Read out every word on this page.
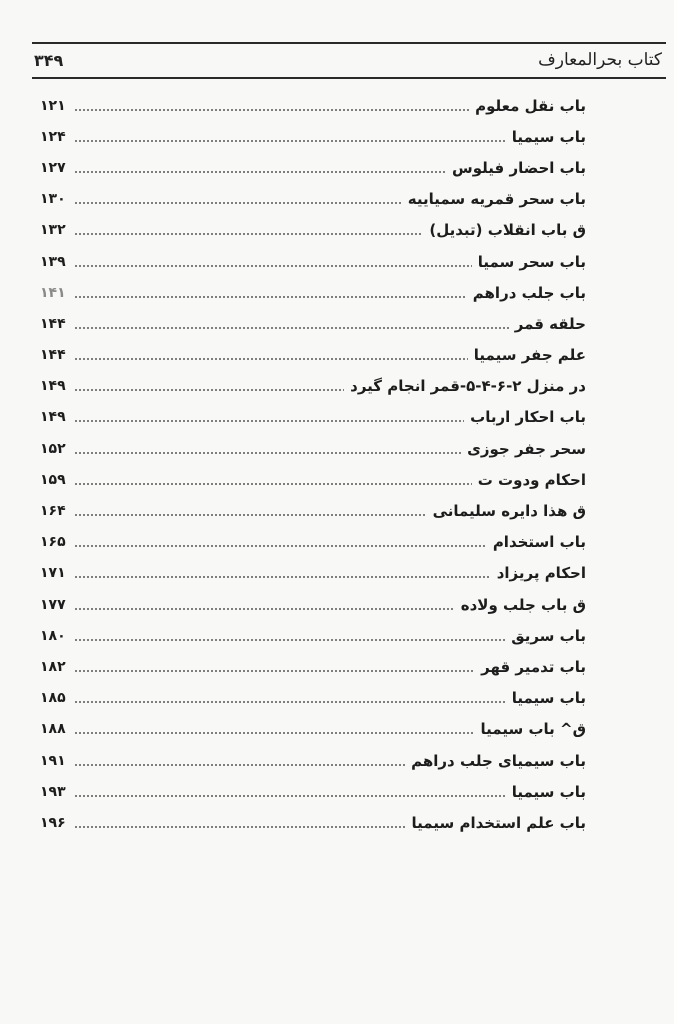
کتاب بحرالمعارف
۳۴۹
باب نقل معلوم
۱۲۱
باب سیمیا
۱۲۴
باب احضار فیلوس
۱۲۷
باب سحر قمریه سمیاییه
۱۳۰
ق باب انقلاب (تبدیل)
۱۳۲
باب سحر سمیا
۱۳۹
باب جلب دراهم
۱۴۱
حلقه قمر
۱۴۴
علم جفر سیمیا
۱۴۴
در منزل ۲-۶-۴-۵-قمر انجام گیرد
۱۴۹
باب احکار ارباب
۱۴۹
سحر جفر جوزی
۱۵۲
احکام ودوت ت
۱۵۹
ق هذا دایره سلیمانی
۱۶۴
باب استخدام
۱۶۵
احکام پریزاد
۱۷۱
ق باب جلب ولاده
۱۷۷
باب سریق
۱۸۰
باب تدمیر قهر
۱۸۲
باب سیمیا
۱۸۵
ق^ باب سیمیا
۱۸۸
باب سیمیای جلب دراهم
۱۹۱
باب سیمیا
۱۹۳
باب علم استخدام سیمیا
۱۹۶
